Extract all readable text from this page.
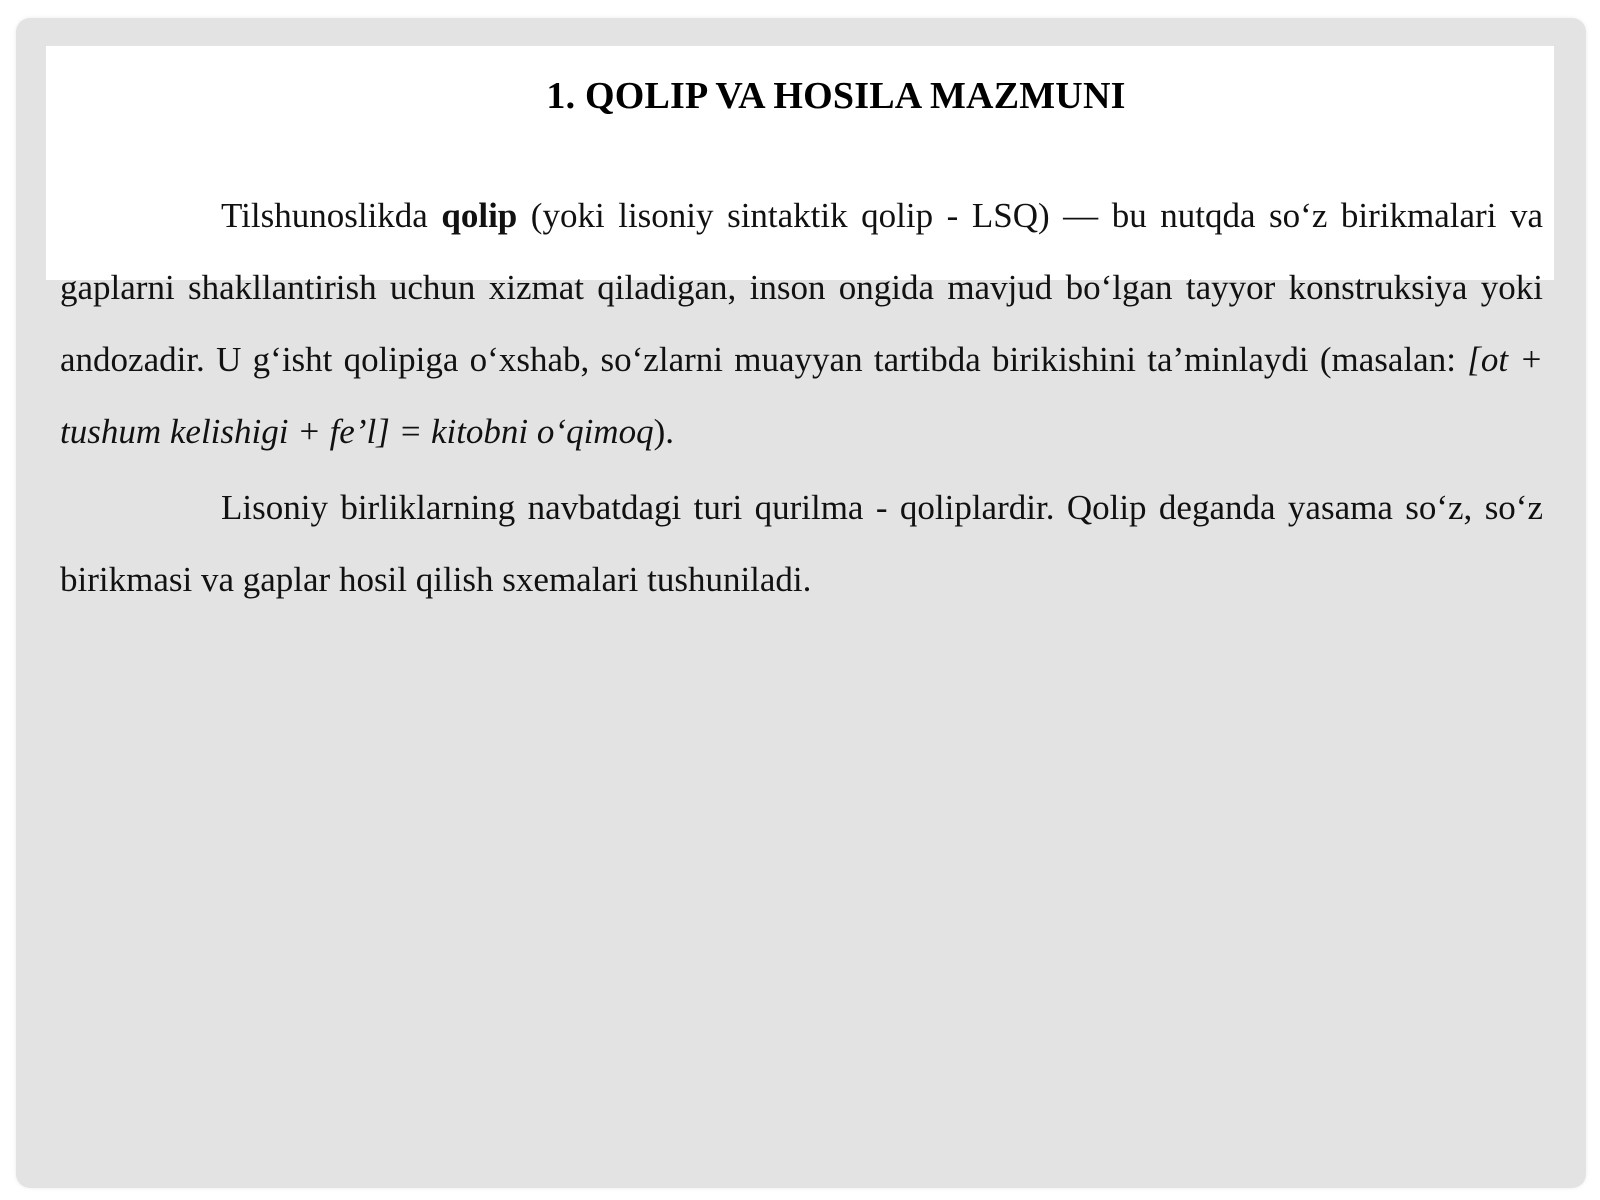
1. QOLIP VA HOSILA MAZMUNI

Tilshunoslikda qolip (yoki lisoniy sintaktik qolip - LSQ) — bu nutqda so‘z birikmalari va gaplarni shakllantirish uchun xizmat qiladigan, inson ongida mavjud bo‘lgan tayyor konstruksiya yoki andozadir. U g‘isht qolipiga o‘xshab, so‘zlarni muayyan tartibda birikishini ta’minlaydi (masalan: [ot + tushum kelishigi + fe’l] = kitobni o‘qimoq).

Lisoniy birliklarning navbatdagi turi qurilma - qoliplardir. Qolip deganda yasama so‘z, so‘z birikmasi va gaplar hosil qilish sxemalari tushuniladi.
